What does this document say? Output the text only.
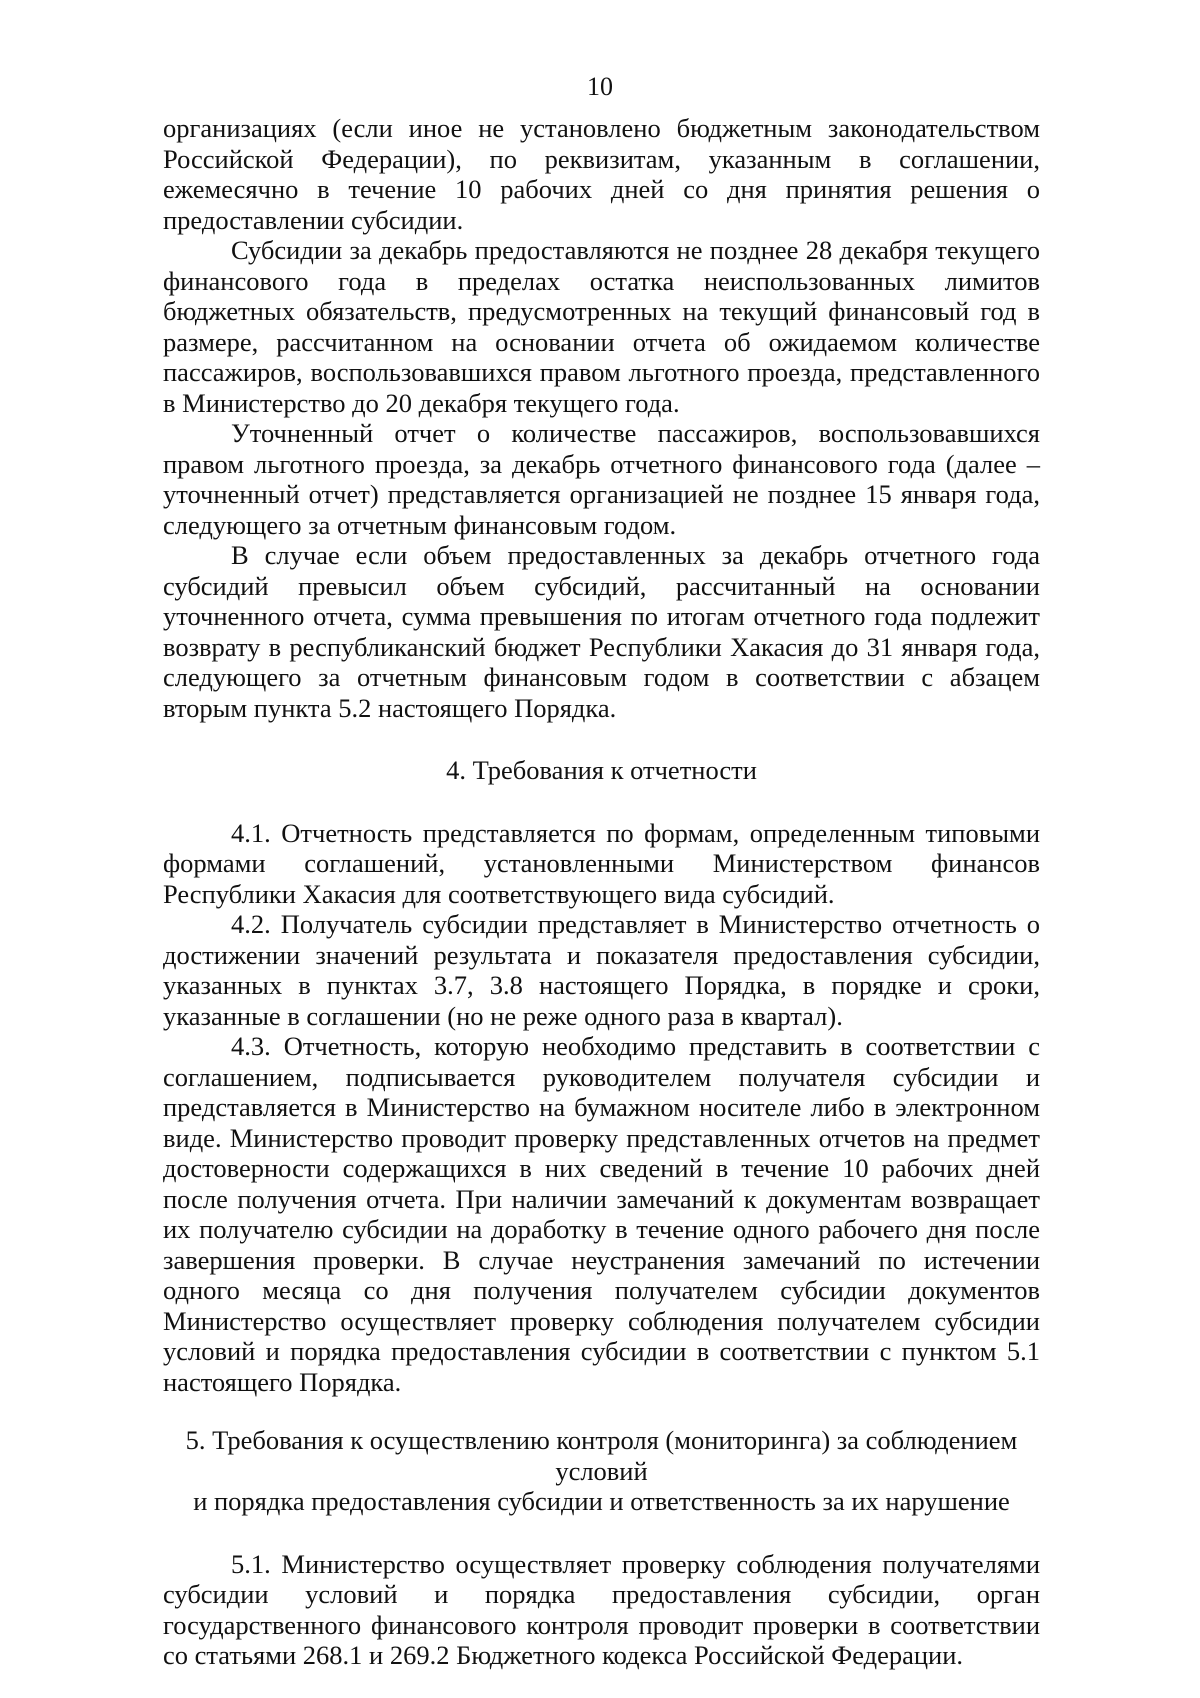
10

организациях (если иное не установлено бюджетным законодательством Российской Федерации), по реквизитам, указанным в соглашении, ежемесячно в течение 10 рабочих дней со дня принятия решения о предоставлении субсидии.

Субсидии за декабрь предоставляются не позднее 28 декабря текущего финансового года в пределах остатка неиспользованных лимитов бюджетных обязательств, предусмотренных на текущий финансовый год в размере, рассчитанном на основании отчета об ожидаемом количестве пассажиров, воспользовавшихся правом льготного проезда, представленного в Министерство до 20 декабря текущего года.

Уточненный отчет о количестве пассажиров, воспользовавшихся правом льготного проезда, за декабрь отчетного финансового года (далее – уточненный отчет) представляется организацией не позднее 15 января года, следующего за отчетным финансовым годом.

В случае если объем предоставленных за декабрь отчетного года субсидий превысил объем субсидий, рассчитанный на основании уточненного отчета, сумма превышения по итогам отчетного года подлежит возврату в республиканский бюджет Республики Хакасия до 31 января года, следующего за отчетным финансовым годом в соответствии с абзацем вторым пункта 5.2 настоящего Порядка.

4. Требования к отчетности

4.1. Отчетность представляется по формам, определенным типовыми формами соглашений, установленными Министерством финансов Республики Хакасия для соответствующего вида субсидий.

4.2. Получатель субсидии представляет в Министерство отчетность о достижении значений результата и показателя предоставления субсидии, указанных в пунктах 3.7, 3.8 настоящего Порядка, в порядке и сроки, указанные в соглашении (но не реже одного раза в квартал).

4.3. Отчетность, которую необходимо представить в соответствии с соглашением, подписывается руководителем получателя субсидии и представляется в Министерство на бумажном носителе либо в электронном виде. Министерство проводит проверку представленных отчетов на предмет достоверности содержащихся в них сведений в течение 10 рабочих дней после получения отчета. При наличии замечаний к документам возвращает их получателю субсидии на доработку в течение одного рабочего дня после завершения проверки. В случае неустранения замечаний по истечении одного месяца со дня получения получателем субсидии документов Министерство осуществляет проверку соблюдения получателем субсидии условий и порядка предоставления субсидии в соответствии с пунктом 5.1 настоящего Порядка.

5. Требования к осуществлению контроля (мониторинга) за соблюдением условий
и порядка предоставления субсидии и ответственность за их нарушение

5.1. Министерство осуществляет проверку соблюдения получателями субсидии условий и порядка предоставления субсидии, орган государственного финансового контроля проводит проверки в соответствии со статьями 268.1 и 269.2 Бюджетного кодекса Российской Федерации.
